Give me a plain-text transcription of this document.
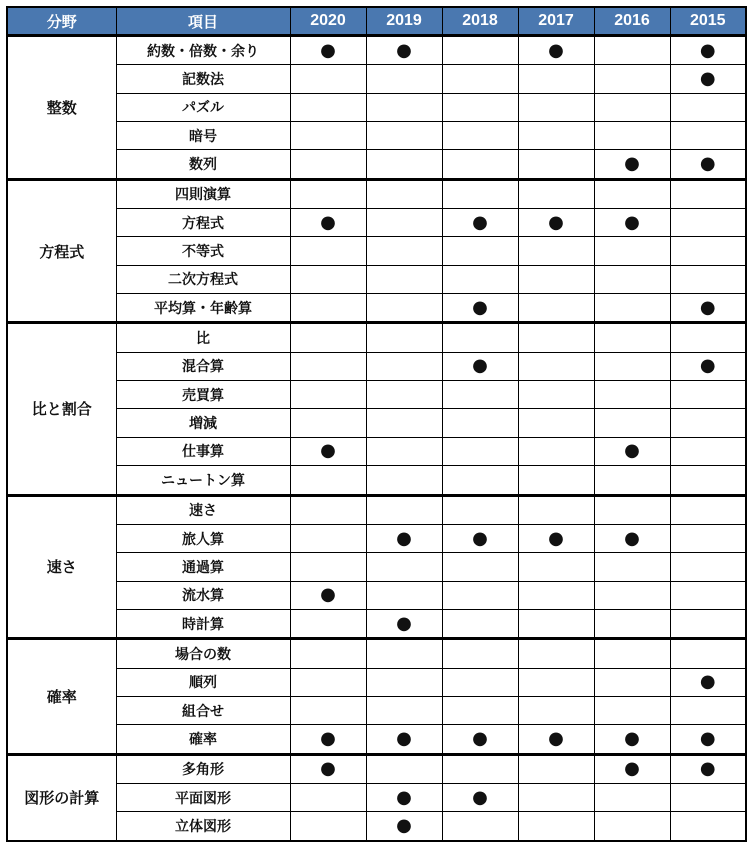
分野	項目	2020	2019	2018	2017	2016	2015
整数	約数・倍数・余り	●	●		●		●
	記数法						●
	パズル						
	暗号						
	数列					●	●
方程式	四則演算						
	方程式	●		●	●	●	
	不等式						
	二次方程式						
	平均算・年齢算			●			●
比と割合	比						
	混合算			●			●
	売買算						
	増減						
	仕事算	●				●	
	ニュートン算						
速さ	速さ						
	旅人算		●	●	●	●	
	通過算						
	流水算	●					
	時計算		●				
確率	場合の数						
	順列						●
	組合せ						
	確率	●	●	●	●	●	●
図形の計算	多角形	●				●	●
	平面図形		●	●			
	立体図形		●				
